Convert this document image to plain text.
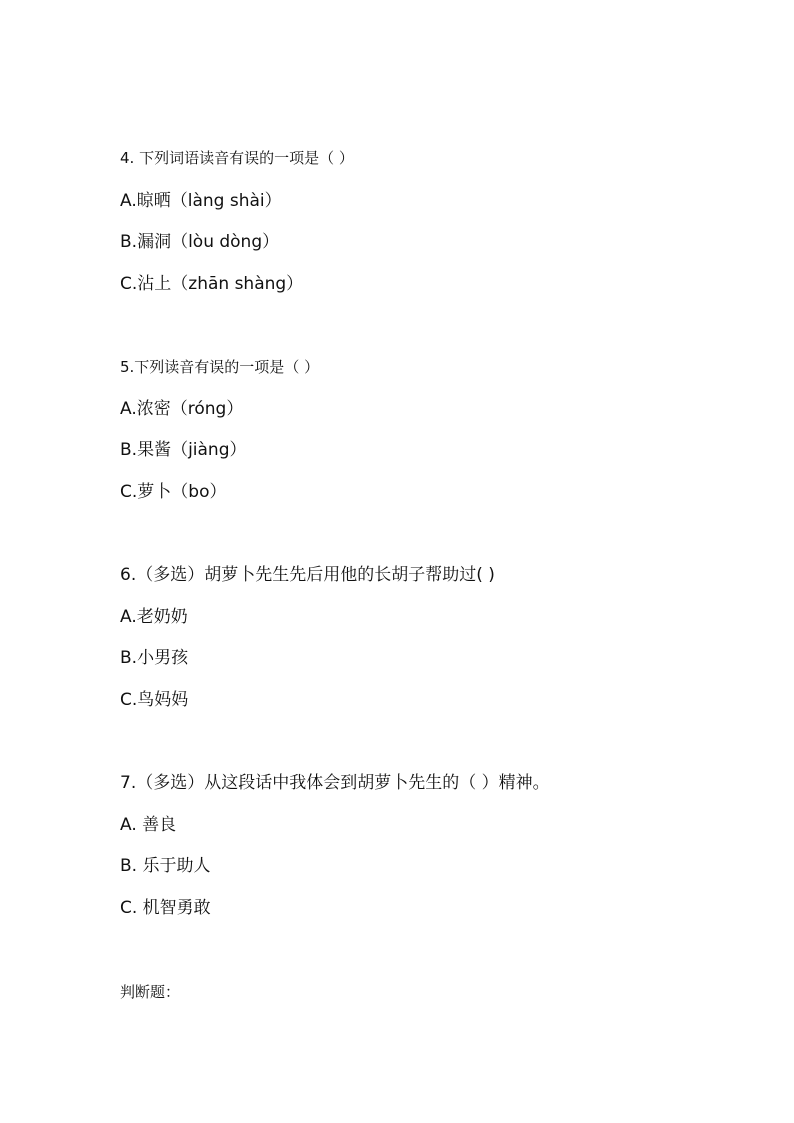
4. 下列词语读音有误的一项是（ ）
A.晾晒（làng shài）
B.漏洞（lòu dòng）
C.沾上（zhān shàng）
5.下列读音有误的一项是（ ）
A.浓密（róng）
B.果酱（jiàng）
C.萝卜（bo）
6.（多选）胡萝卜先生先后用他的长胡子帮助过( )
A.老奶奶
B.小男孩
C.鸟妈妈
7.（多选）从这段话中我体会到胡萝卜先生的（ ）精神。
A. 善良
B. 乐于助人
C. 机智勇敢
判断题：
